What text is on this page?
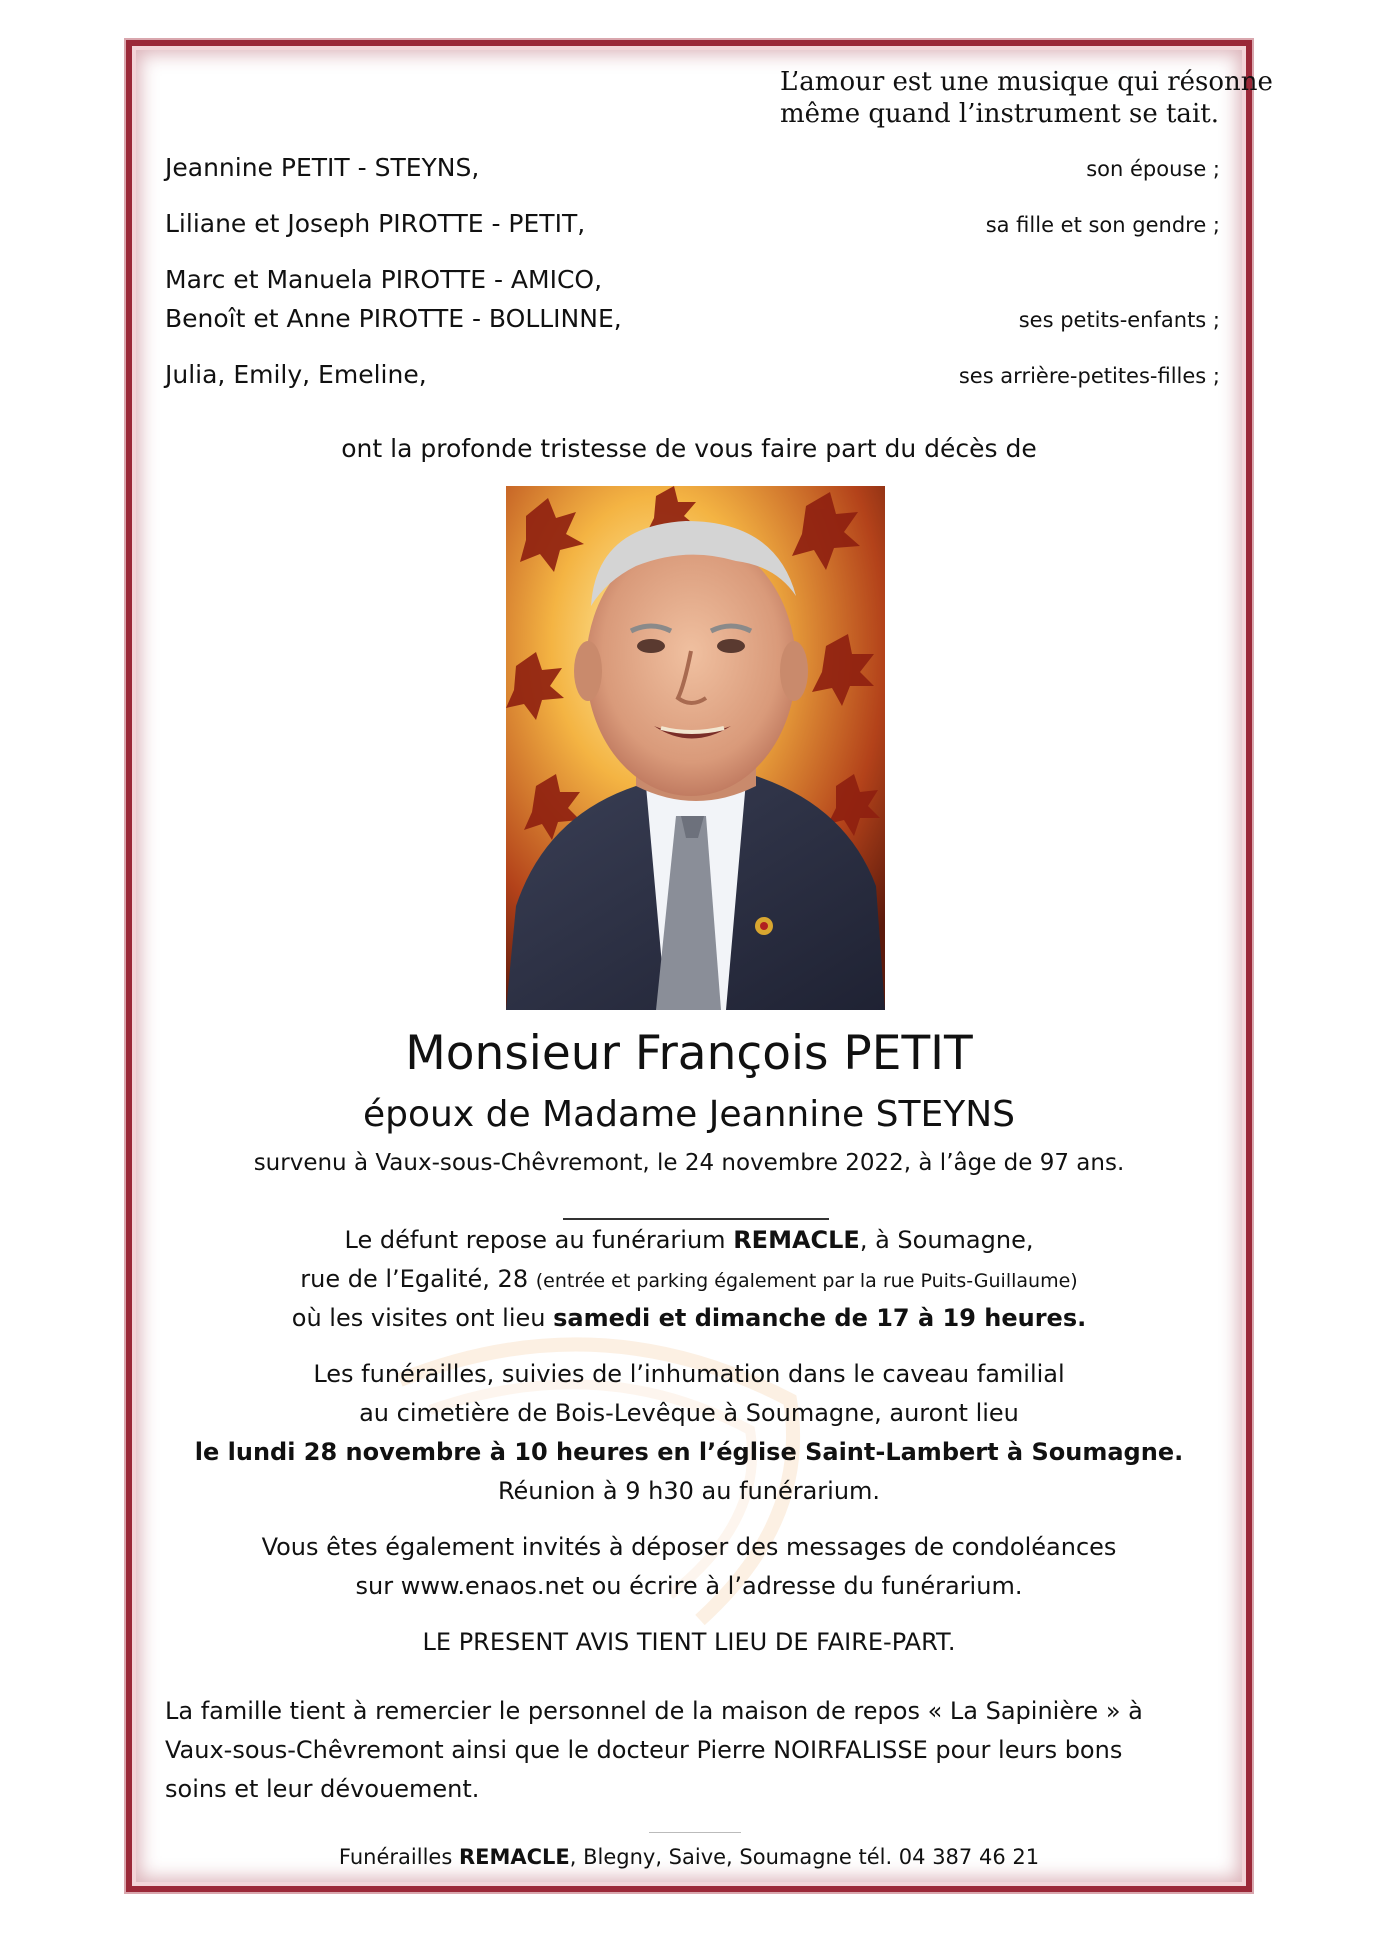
L’amour est une musique qui résonne
même quand l’instrument se tait.
Jeannine PETIT - STEYNS,	son épouse ;
Liliane et Joseph PIROTTE - PETIT,	sa fille et son gendre ;
Marc et Manuela PIROTTE - AMICO,
Benoît et Anne PIROTTE - BOLLINNE,	ses petits-enfants ;
Julia, Emily, Emeline,	ses arrière-petites-filles ;
ont la profonde tristesse de vous faire part du décès de
Monsieur François PETIT
époux de Madame Jeannine STEYNS
survenu à Vaux-sous-Chêvremont, le 24 novembre 2022, à l’âge de 97 ans.
Le défunt repose au funérarium REMACLE, à Soumagne,
rue de l’Egalité, 28 (entrée et parking également par la rue Puits-Guillaume)
où les visites ont lieu samedi et dimanche de 17 à 19 heures.
Les funérailles, suivies de l’inhumation dans le caveau familial
au cimetière de Bois-Levêque à Soumagne, auront lieu
le lundi 28 novembre à 10 heures en l’église Saint-Lambert à Soumagne.
Réunion à 9 h30 au funérarium.
Vous êtes également invités à déposer des messages de condoléances
sur www.enaos.net ou écrire à l’adresse du funérarium.
LE PRESENT AVIS TIENT LIEU DE FAIRE-PART.
La famille tient à remercier le personnel de la maison de repos « La Sapinière » à
Vaux-sous-Chêvremont ainsi que le docteur Pierre NOIRFALISSE pour leurs bons
soins et leur dévouement.
Funérailles REMACLE, Blegny, Saive, Soumagne tél. 04 387 46 21
